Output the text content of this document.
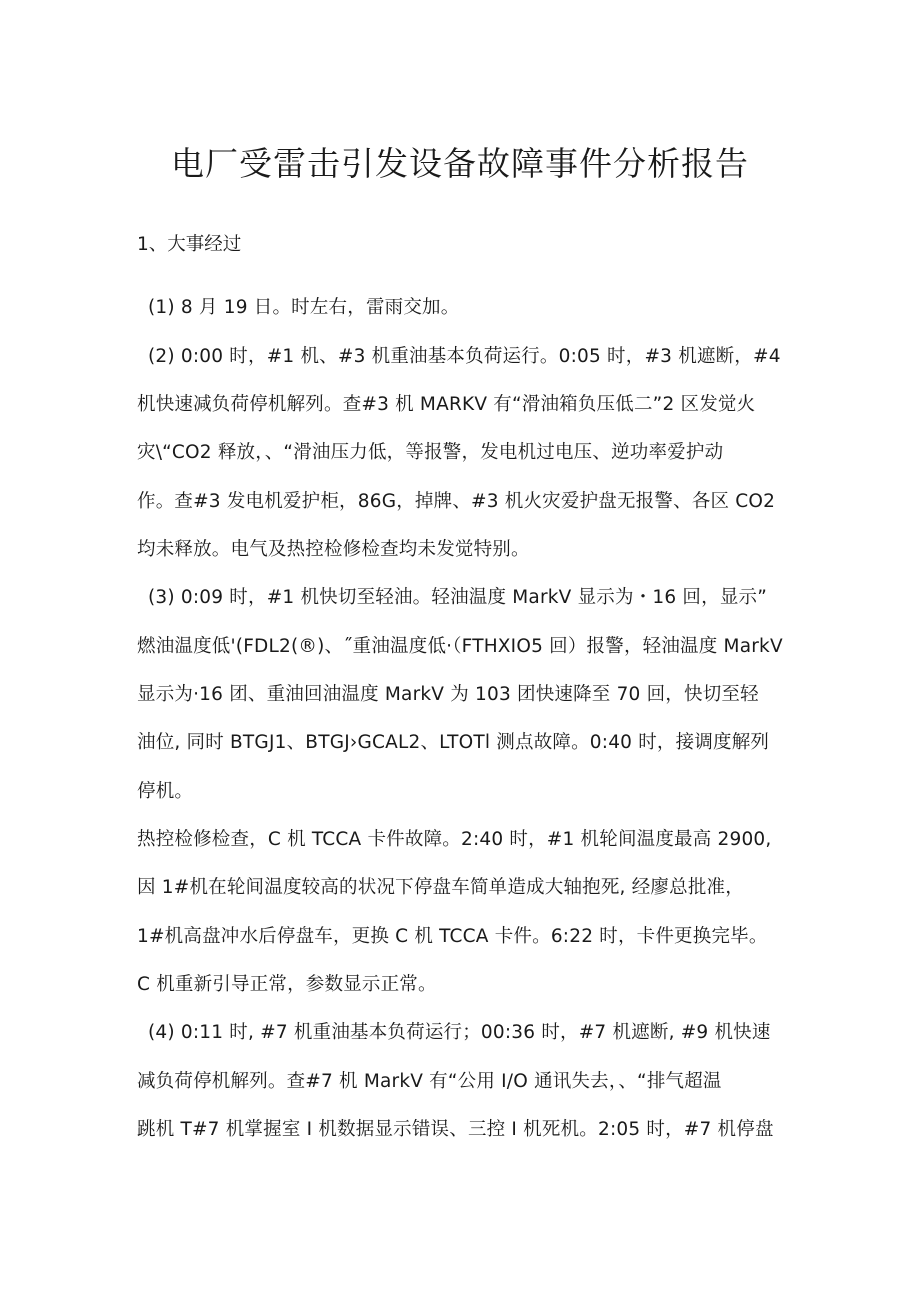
电厂受雷击引发设备故障事件分析报告
1、大事经过
(1) 8 月 19 日。时左右，雷雨交加。
(2) 0:00 时，#1 机、#3 机重油基本负荷运行。0:05 时，#3 机遮断，#4
机快速减负荷停机解列。查#3 机 MARKV 有“滑油箱负压低二”2 区发觉火
灾\“CO2 释放，、“滑油压力低，等报警，发电机过电压、逆功率爱护动
作。查#3 发电机爱护柜，86G，掉牌、#3 机火灾爱护盘无报警、各区 CO2
均未释放。电气及热控检修检查均未发觉特别。
(3) 0:09 时，#1 机快切至轻油。轻油温度 MarkV 显示为・16 回，显示”
燃油温度低'(FDL2(®)、˝重油温度低·（FTHXIO5 回）报警，轻油温度 MarkV
显示为·16 团、重油回油温度 MarkV 为 103 团快速降至 70 回，快切至轻
油位, 同时 BTGJ1、BTGJ›GCAL2、LTOTl 测点故障。0:40 时，接调度解列
停机。
热控检修检查，C 机 TCCA 卡件故障。2:40 时，#1 机轮间温度最高 2900,
因 1#机在轮间温度较高的状况下停盘车简单造成大轴抱死, 经廖总批准，
1#机高盘冲水后停盘车，更换 C 机 TCCA 卡件。6:22 时，卡件更换完毕。
C 机重新引导正常，参数显示正常。
(4) 0:11 时, #7 机重油基本负荷运行；00:36 时，#7 机遮断, #9 机快速
减负荷停机解列。查#7 机 MarkV 有“公用 I/O 通讯失去，、“排气超温
跳机 T#7 机掌握室 I 机数据显示错误、三控 I 机死机。2:05 时，#7 机停盘
